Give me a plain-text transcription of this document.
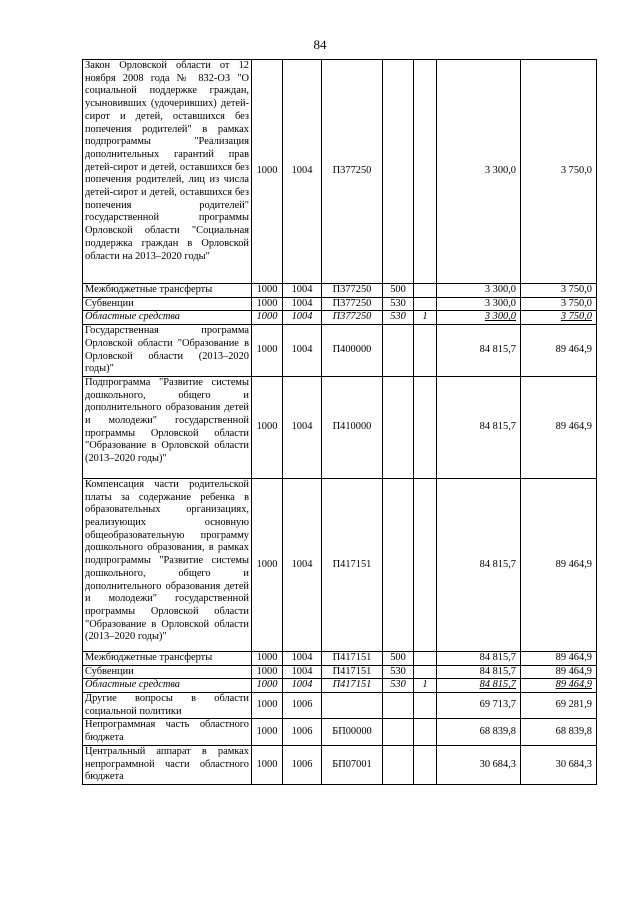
84
Закон Орловской области от 12 ноября 2008 года № 832-ОЗ "О социальной поддержке граждан, усыновивших (удочеривших) детей-сирот и детей, оставшихся без попечения родителей" в рамках подпрограммы "Реализация дополнительных гарантий прав детей-сирот и детей, оставшихся без попечения родителей, лиц из числа детей-сирот и детей, оставшихся без попечения родителей" государственной программы Орловской области "Социальная поддержка граждан в Орловской области на 2013–2020 годы"	1000	1004	П377250			3 300,0	3 750,0
Межбюджетные трансферты	1000	1004	П377250	500		3 300,0	3 750,0
Субвенции	1000	1004	П377250	530		3 300,0	3 750,0
Областные средства	1000	1004	П377250	530	1	3 300,0	3 750,0
Государственная программа Орловской области "Образование в Орловской области (2013–2020 годы)"	1000	1004	П400000			84 815,7	89 464,9
Подпрограмма "Развитие системы дошкольного, общего и дополнительного образования детей и молодежи" государственной программы Орловской области "Образование в Орловской области (2013–2020 годы)"	1000	1004	П410000			84 815,7	89 464,9
Компенсация части родительской платы за содержание ребенка в образовательных организациях, реализующих основную общеобразовательную программу дошкольного образования, в рамках подпрограммы "Развитие системы дошкольного, общего и дополнительного образования детей и молодежи" государственной программы Орловской области "Образование в Орловской области (2013–2020 годы)"	1000	1004	П417151			84 815,7	89 464,9
Межбюджетные трансферты	1000	1004	П417151	500		84 815,7	89 464,9
Субвенции	1000	1004	П417151	530		84 815,7	89 464,9
Областные средства	1000	1004	П417151	530	1	84 815,7	89 464,9
Другие вопросы в области социальной политики	1000	1006				69 713,7	69 281,9
Непрограммная часть областного бюджета	1000	1006	БП00000			68 839,8	68 839,8
Центральный аппарат в рамках непрограммной части областного бюджета	1000	1006	БП07001			30 684,3	30 684,3
